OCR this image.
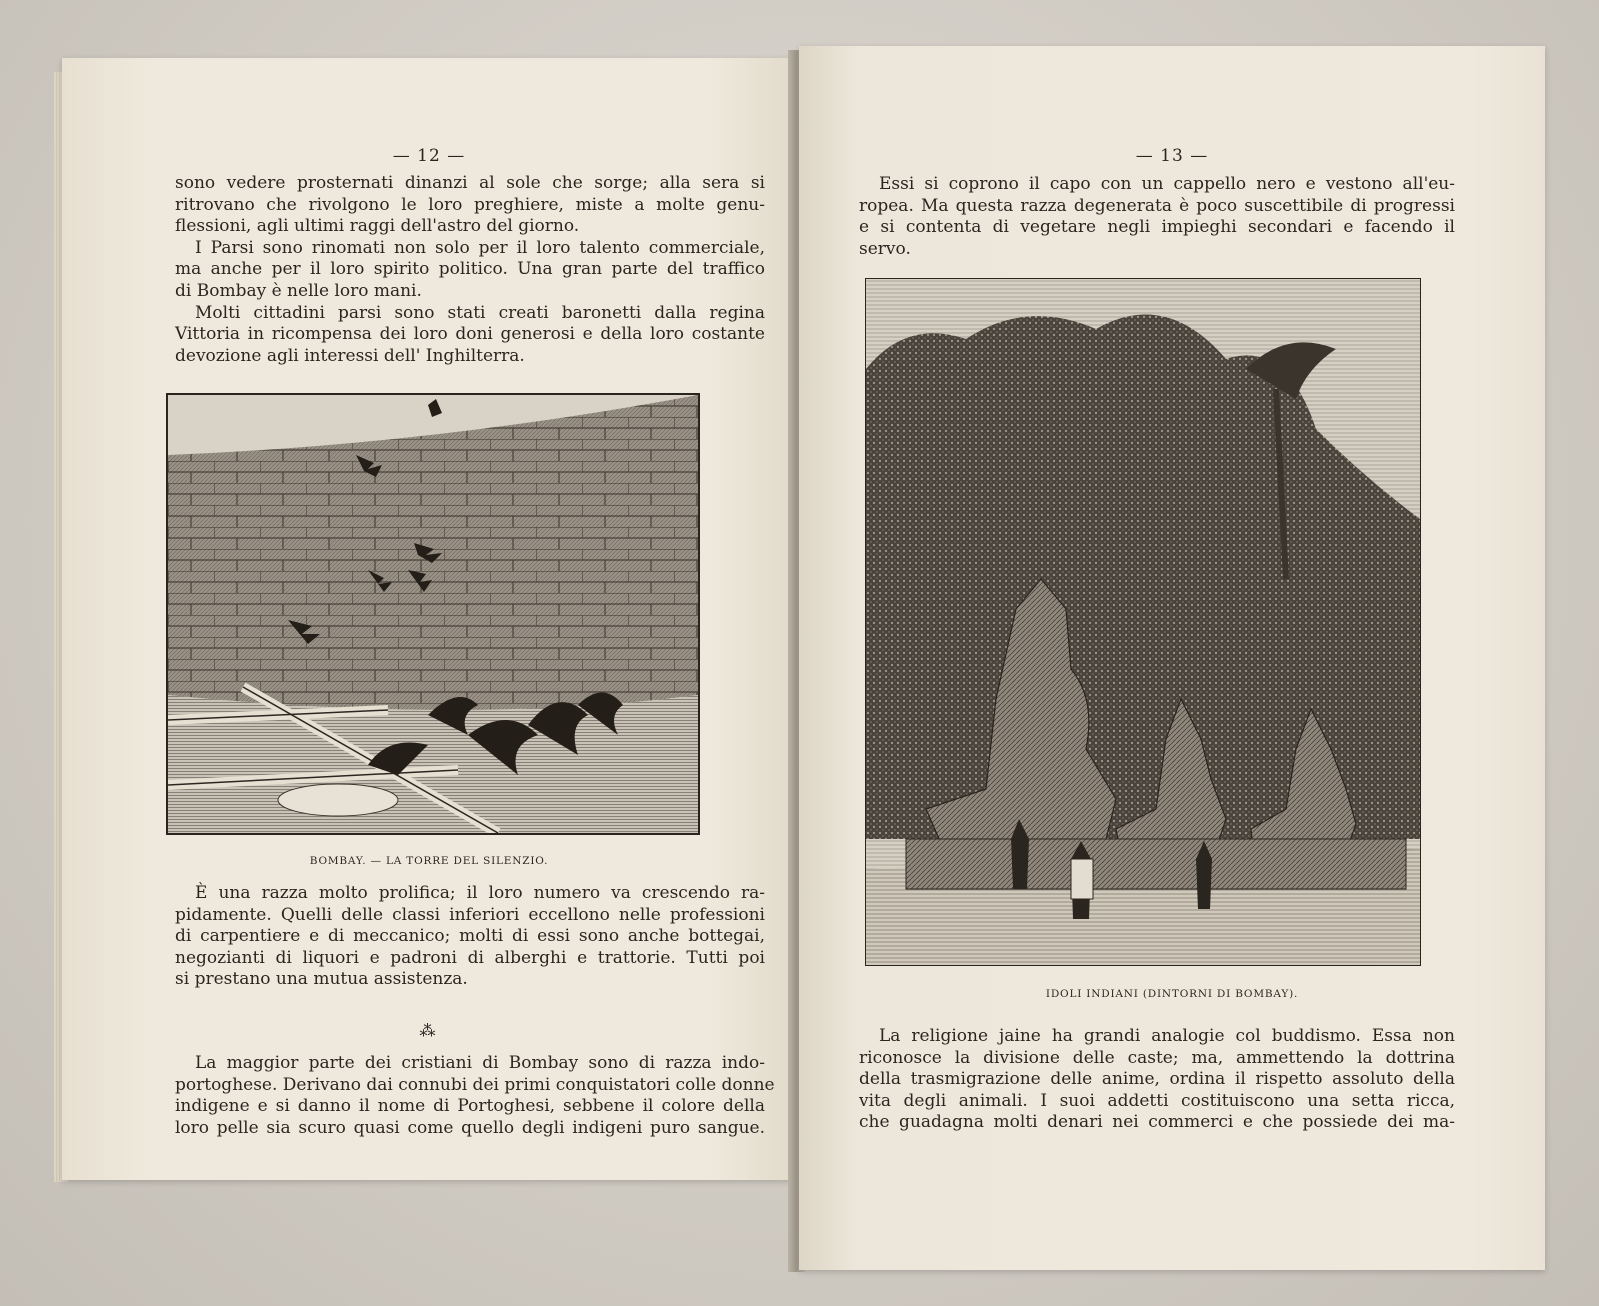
— 12 —
sono vedere prosternati dinanzi al sole che sorge; alla sera si
ritrovano che rivolgono le loro preghiere, miste a molte genu-
flessioni, agli ultimi raggi dell'astro del giorno.
I Parsi sono rinomati non solo per il loro talento commerciale,
ma anche per il loro spirito politico. Una gran parte del traffico
di Bombay è nelle loro mani.
Molti cittadini parsi sono stati creati baronetti dalla regina
Vittoria in ricompensa dei loro doni generosi e della loro costante
devozione agli interessi dell' Inghilterra.
BOMBAY. — LA TORRE DEL SILENZIO.
È una razza molto prolifica; il loro numero va crescendo ra-
pidamente. Quelli delle classi inferiori eccellono nelle professioni
di carpentiere e di meccanico; molti di essi sono anche bottegai,
negozianti di liquori e padroni di alberghi e trattorie. Tutti poi
si prestano una mutua assistenza.
⁂
La maggior parte dei cristiani di Bombay sono di razza indo-
portoghese. Derivano dai connubi dei primi conquistatori colle donne
indigene e si danno il nome di Portoghesi, sebbene il colore della
loro pelle sia scuro quasi come quello degli indigeni puro sangue.
— 13 —
Essi si coprono il capo con un cappello nero e vestono all'eu-
ropea. Ma questa razza degenerata è poco suscettibile di progressi
e si contenta di vegetare negli impieghi secondari e facendo il
servo.
IDOLI INDIANI (DINTORNI DI BOMBAY).
La religione jaine ha grandi analogie col buddismo. Essa non
riconosce la divisione delle caste; ma, ammettendo la dottrina
della trasmigrazione delle anime, ordina il rispetto assoluto della
vita degli animali. I suoi addetti costituiscono una setta ricca,
che guadagna molti denari nei commerci e che possiede dei ma-
